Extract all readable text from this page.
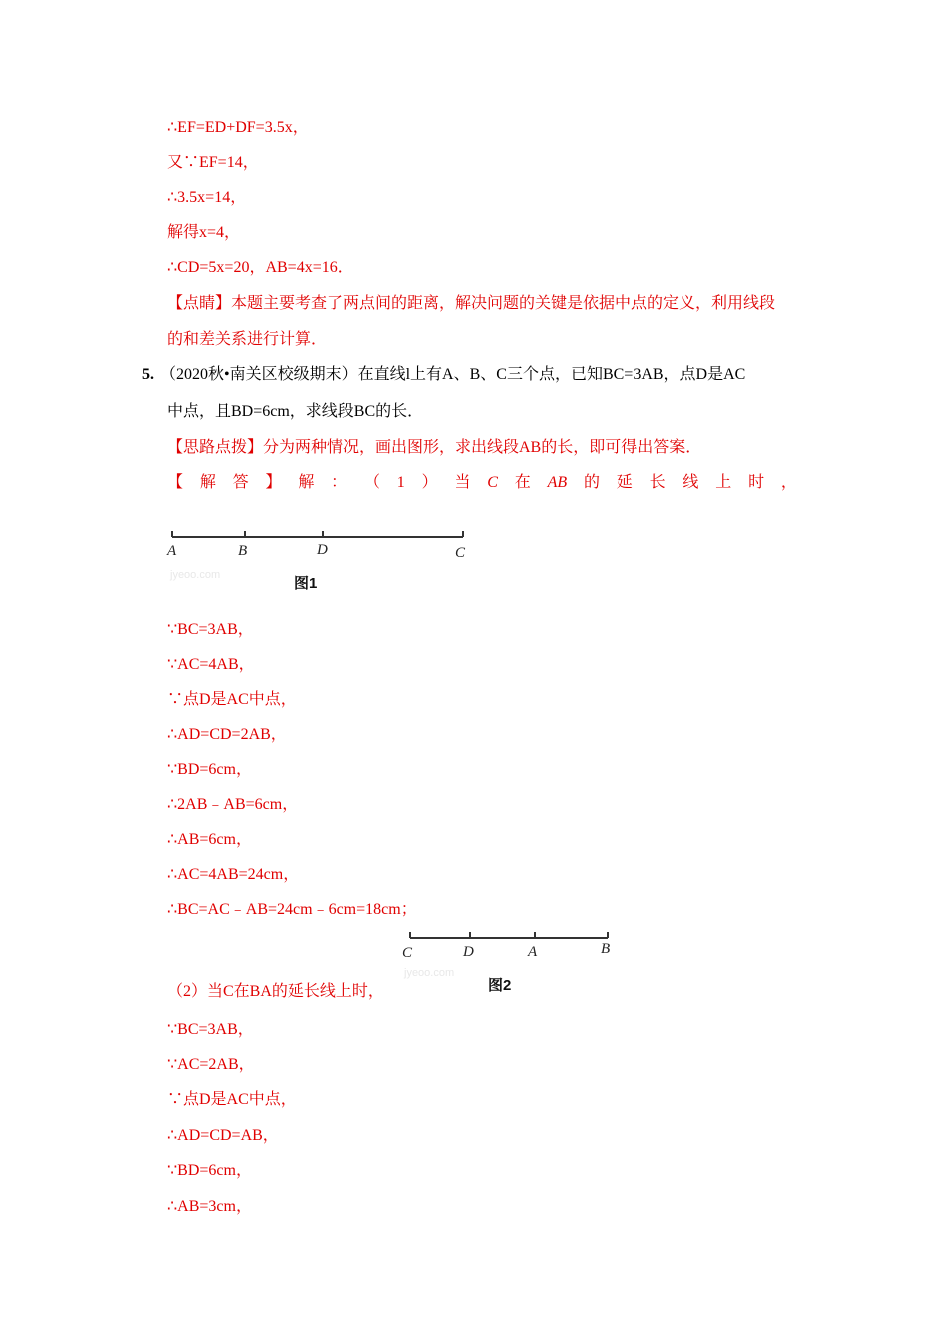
∴EF=ED+DF=3.5x，
又∵EF=14，
∴3.5x=14，
解得x=4，
∴CD=5x=20，AB=4x=16．
【点睛】本题主要考查了两点间的距离，解决问题的关键是依据中点的定义，利用线段
的和差关系进行计算．
5. （2020秋•南关区校级期末）在直线l上有A、B、C三个点，已知BC=3AB，点D是AC
中点，且BD=6cm，求线段BC的长．
【思路点拨】分为两种情况，画出图形，求出线段AB的长，即可得出答案．
【 解 答 】 解 ： （ 1 ） 当 C 在 AB 的 延 长 线 上 时 ，
A	B	D	C
jyeoo.com	图1
∵BC=3AB，
∵AC=4AB，
∵点D是AC中点，
∴AD=CD=2AB，
∵BD=6cm，
∴2AB﹣AB=6cm，
∴AB=6cm，
∴AC=4AB=24cm，
∴BC=AC﹣AB=24cm﹣6cm=18cm；
C	D	A	B
jyeoo.com
图2
（2）当C在BA的延长线上时，
∵BC=3AB，
∵AC=2AB，
∵点D是AC中点，
∴AD=CD=AB，
∵BD=6cm，
∴AB=3cm，
